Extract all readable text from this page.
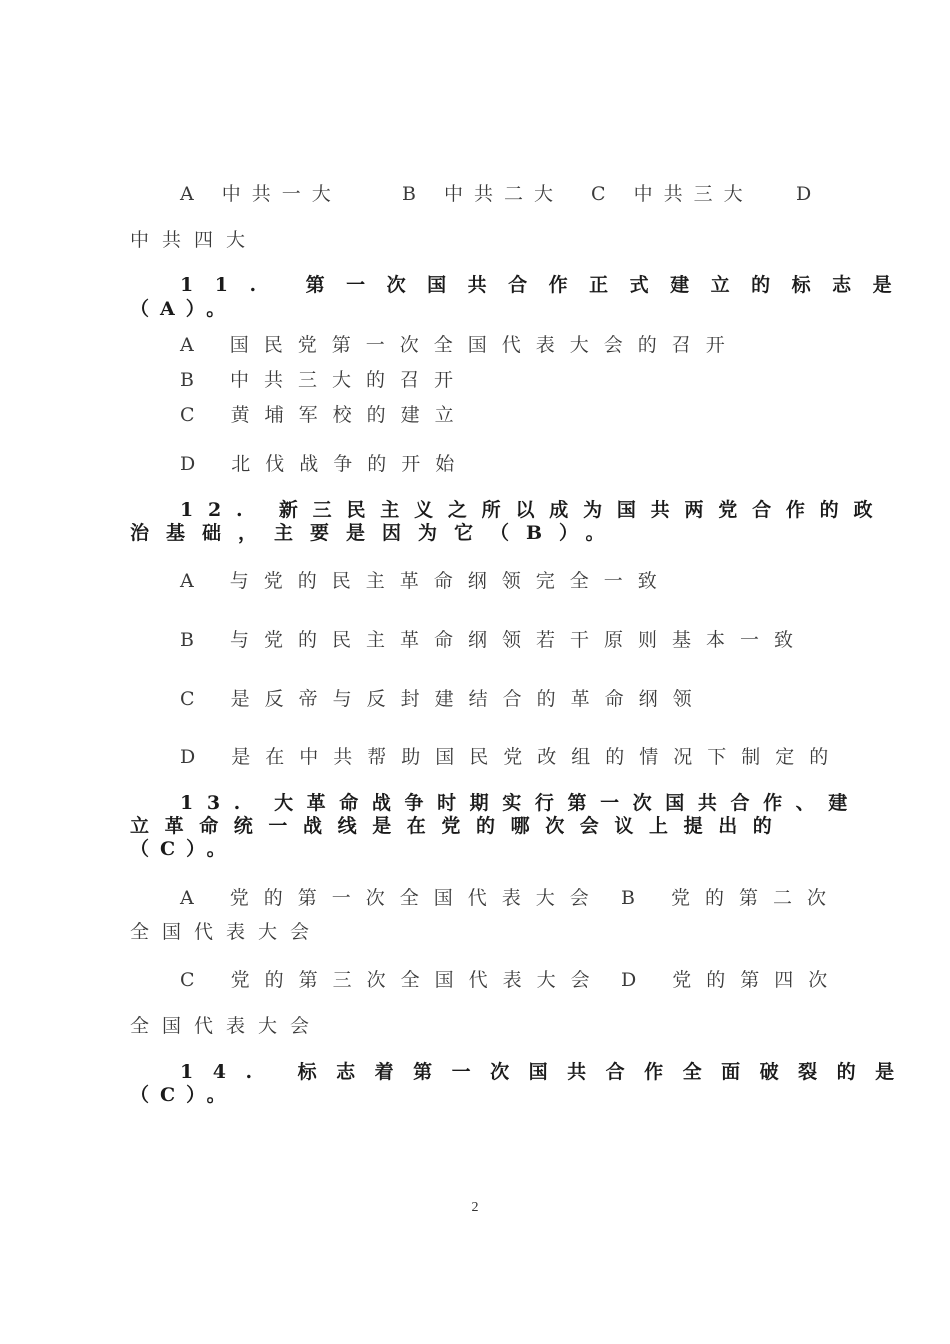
A 中共一大	B 中共二大 C 中共三大 D
中共四大
11. 第一次国共合作正式建立的标志是
（A）。
A 国民党第一次全国代表大会的召开
B 中共三大的召开
C 黄埔军校的建立
D 北伐战争的开始
12. 新三民主义之所以成为国共两党合作的政
治基础，主要是因为它（B）。
A 与党的民主革命纲领完全一致
B 与党的民主革命纲领若干原则基本一致
C 是反帝与反封建结合的革命纲领
D 是在中共帮助国民党改组的情况下制定的
13. 大革命战争时期实行第一次国共合作、建
立革命统一战线是在党的哪次会议上提出的
（C）。
A 党的第一次全国代表大会 B 党的第二次
全国代表大会
C 党的第三次全国代表大会 D 党的第四次
全国代表大会
14. 标志着第一次国共合作全面破裂的是
（C）。
2
